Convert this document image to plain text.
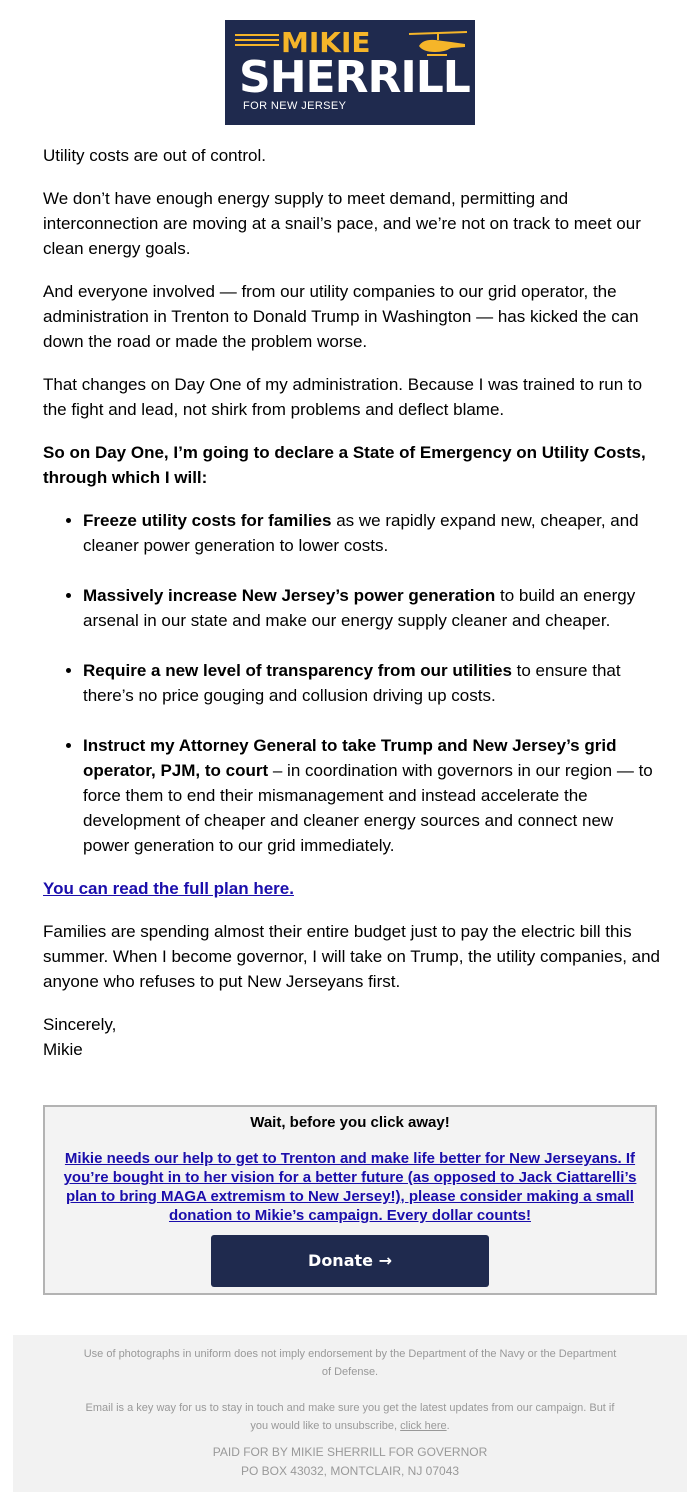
MIKIE
SHERRILL
FOR NEW JERSEY

Utility costs are out of control.

We don’t have enough energy supply to meet demand, permitting and interconnection are moving at a snail’s pace, and we’re not on track to meet our clean energy goals.

And everyone involved — from our utility companies to our grid operator, the administration in Trenton to Donald Trump in Washington — has kicked the can down the road or made the problem worse.

That changes on Day One of my administration. Because I was trained to run to the fight and lead, not shirk from problems and deflect blame.

So on Day One, I’m going to declare a State of Emergency on Utility Costs, through which I will:

• Freeze utility costs for families as we rapidly expand new, cheaper, and cleaner power generation to lower costs.
• Massively increase New Jersey’s power generation to build an energy arsenal in our state and make our energy supply cleaner and cheaper.
• Require a new level of transparency from our utilities to ensure that there’s no price gouging and collusion driving up costs.
• Instruct my Attorney General to take Trump and New Jersey’s grid operator, PJM, to court – in coordination with governors in our region — to force them to end their mismanagement and instead accelerate the development of cheaper and cleaner energy sources and connect new power generation to our grid immediately.

You can read the full plan here.

Families are spending almost their entire budget just to pay the electric bill this summer. When I become governor, I will take on Trump, the utility companies, and anyone who refuses to put New Jerseyans first.

Sincerely,
Mikie

Wait, before you click away!
Mikie needs our help to get to Trenton and make life better for New Jerseyans. If you’re bought in to her vision for a better future (as opposed to Jack Ciattarelli’s plan to bring MAGA extremism to New Jersey!), please consider making a small donation to Mikie’s campaign. Every dollar counts!
Donate →
Use of photographs in uniform does not imply endorsement by the Department of the Navy or the Department of Defense.
Email is a key way for us to stay in touch and make sure you get the latest updates from our campaign. But if you would like to unsubscribe, click here.
PAID FOR BY MIKIE SHERRILL FOR GOVERNOR
PO BOX 43032, MONTCLAIR, NJ 07043
